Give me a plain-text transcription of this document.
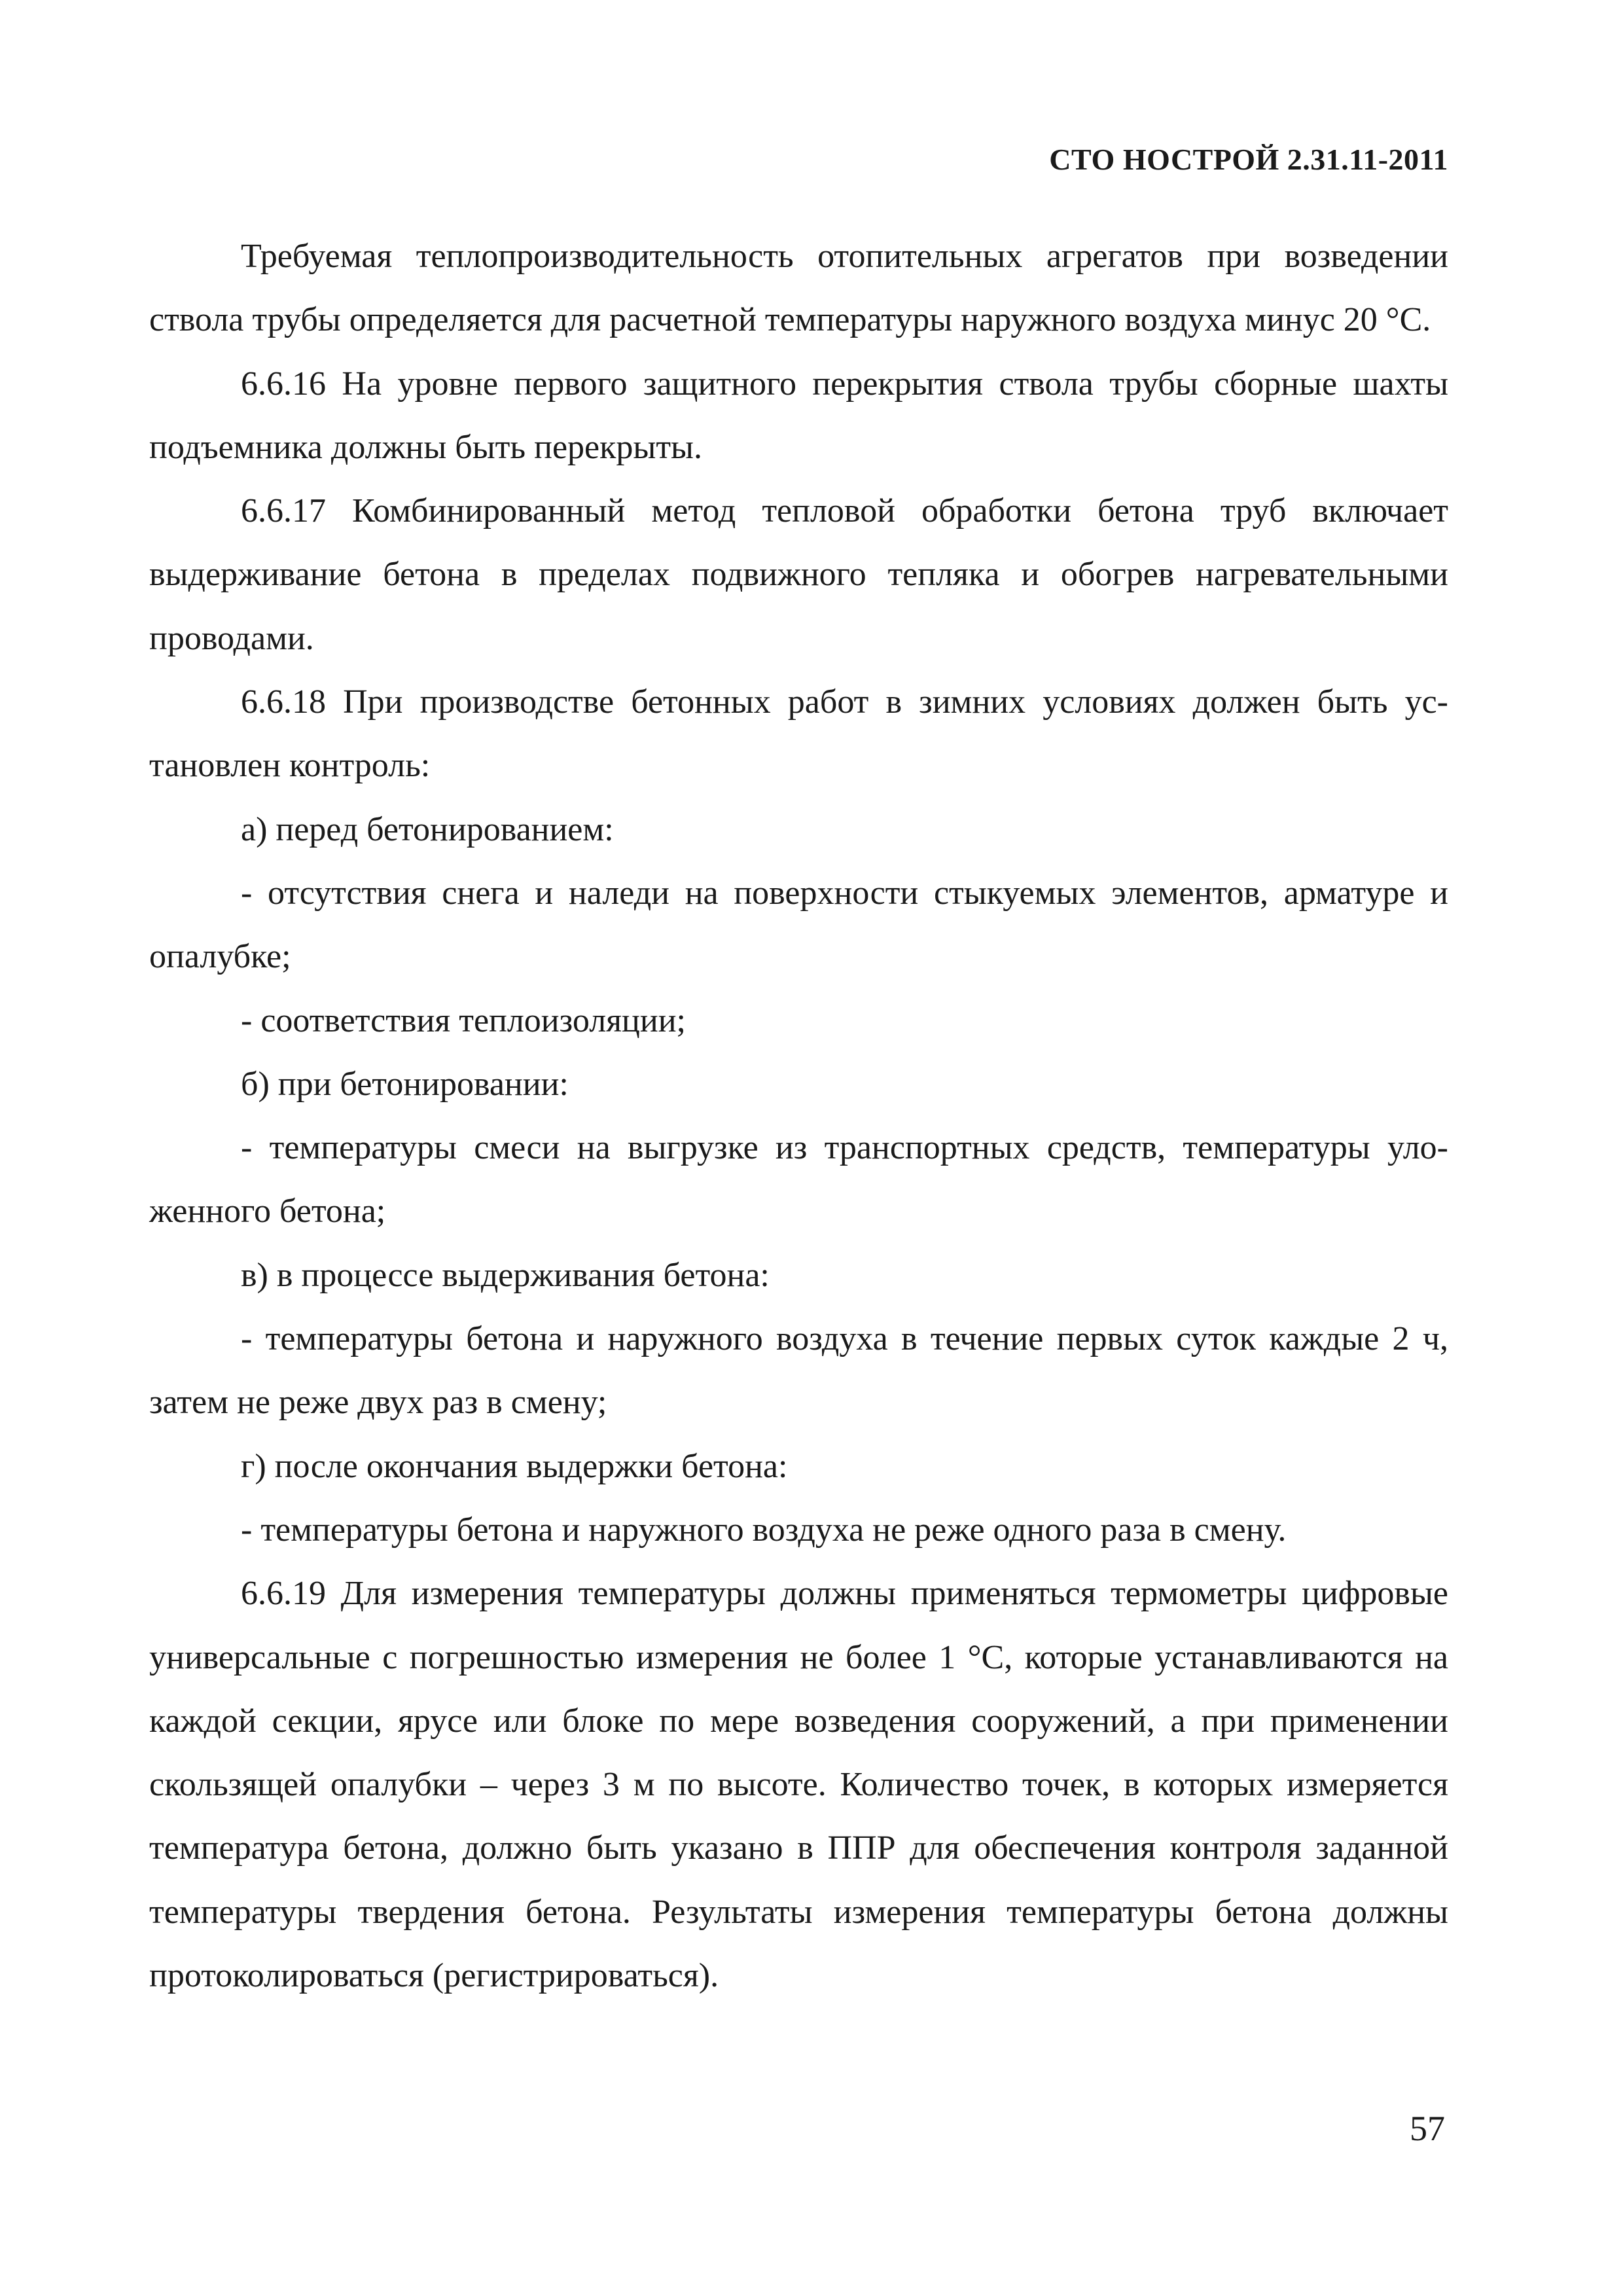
СТО НОСТРОЙ 2.31.11-2011

Требуемая теплопроизводительность отопительных агрегатов при возведении ствола трубы определяется для расчетной температуры наружного воздуха минус 20 °С.

6.6.16 На уровне первого защитного перекрытия ствола трубы сборные шахты подъемника должны быть перекрыты.

6.6.17 Комбинированный метод тепловой обработки бетона труб включает выдерживание бетона в пределах подвижного тепляка и обогрев нагревательными проводами.

6.6.18 При производстве бетонных работ в зимних условиях должен быть установлен контроль:

а) перед бетонированием:

- отсутствия снега и наледи на поверхности стыкуемых элементов, арматуре и опалубке;

- соответствия теплоизоляции;

б) при бетонировании:

- температуры смеси на выгрузке из транспортных средств, температуры уложенного бетона;

в) в процессе выдерживания бетона:

- температуры бетона и наружного воздуха в течение первых суток каждые 2 ч, затем не реже двух раз в смену;

г) после окончания выдержки бетона:

- температуры бетона и наружного воздуха не реже одного раза в смену.

6.6.19 Для измерения температуры должны применяться термометры цифровые универсальные с погрешностью измерения не более 1 °С, которые устанавливаются на каждой секции, ярусе или блоке по мере возведения сооружений, а при применении скользящей опалубки – через 3 м по высоте. Количество точек, в которых измеряется температура бетона, должно быть указано в ППР для обеспечения контроля заданной температуры твердения бетона. Результаты измерения температуры бетона должны протоколироваться (регистрироваться).

57
